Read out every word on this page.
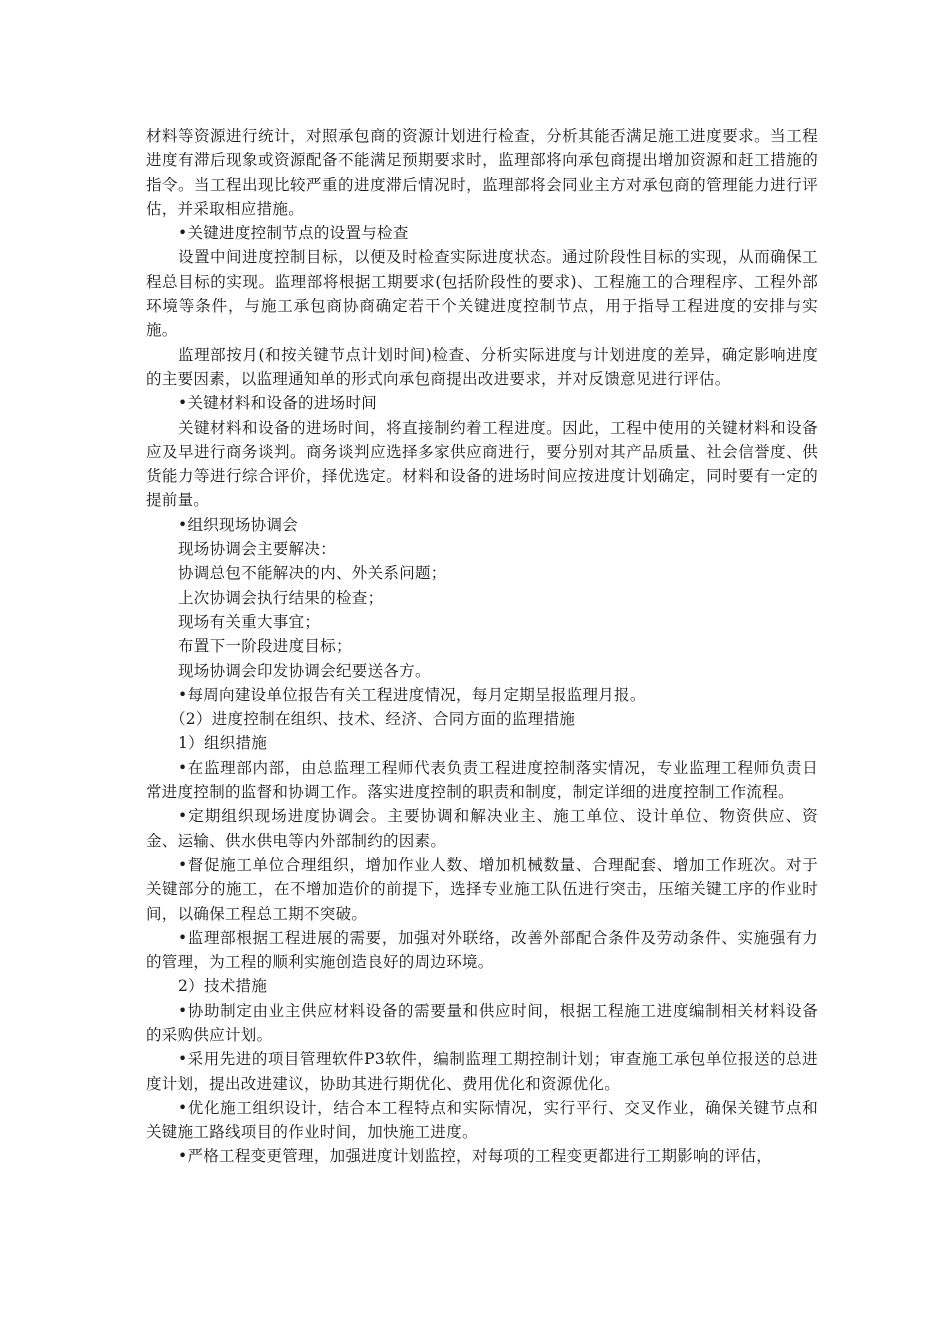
材料等资源进行统计，对照承包商的资源计划进行检查，分析其能否满足施工进度要求。当工程进度有滞后现象或资源配备不能满足预期要求时，监理部将向承包商提出增加资源和赶工措施的指令。当工程出现比较严重的进度滞后情况时，监理部将会同业主方对承包商的管理能力进行评估，并采取相应措施。

•关键进度控制节点的设置与检查

设置中间进度控制目标，以便及时检查实际进度状态。通过阶段性目标的实现，从而确保工程总目标的实现。监理部将根据工期要求(包括阶段性的要求)、工程施工的合理程序、工程外部环境等条件，与施工承包商协商确定若干个关键进度控制节点，用于指导工程进度的安排与实施。

监理部按月(和按关键节点计划时间)检查、分析实际进度与计划进度的差异，确定影响进度的主要因素，以监理通知单的形式向承包商提出改进要求，并对反馈意见进行评估。

•关键材料和设备的进场时间

关键材料和设备的进场时间，将直接制约着工程进度。因此，工程中使用的关键材料和设备应及早进行商务谈判。商务谈判应选择多家供应商进行，要分别对其产品质量、社会信誉度、供货能力等进行综合评价，择优选定。材料和设备的进场时间应按进度计划确定，同时要有一定的提前量。

•组织现场协调会

现场协调会主要解决：

协调总包不能解决的内、外关系问题；

上次协调会执行结果的检查；

现场有关重大事宜；

布置下一阶段进度目标；

现场协调会印发协调会纪要送各方。

•每周向建设单位报告有关工程进度情况，每月定期呈报监理月报。

（2）进度控制在组织、技术、经济、合同方面的监理措施

1）组织措施

•在监理部内部，由总监理工程师代表负责工程进度控制落实情况，专业监理工程师负责日常进度控制的监督和协调工作。落实进度控制的职责和制度，制定详细的进度控制工作流程。

•定期组织现场进度协调会。主要协调和解决业主、施工单位、设计单位、物资供应、资金、运输、供水供电等内外部制约的因素。

•督促施工单位合理组织，增加作业人数、增加机械数量、合理配套、增加工作班次。对于关键部分的施工，在不增加造价的前提下，选择专业施工队伍进行突击，压缩关键工序的作业时间，以确保工程总工期不突破。

•监理部根据工程进展的需要，加强对外联络，改善外部配合条件及劳动条件、实施强有力的管理，为工程的顺利实施创造良好的周边环境。

2）技术措施

•协助制定由业主供应材料设备的需要量和供应时间，根据工程施工进度编制相关材料设备的采购供应计划。

•采用先进的项目管理软件P3软件，编制监理工期控制计划；审查施工承包单位报送的总进度计划，提出改进建议，协助其进行期优化、费用优化和资源优化。

•优化施工组织设计，结合本工程特点和实际情况，实行平行、交叉作业，确保关键节点和关键施工路线项目的作业时间，加快施工进度。

•严格工程变更管理，加强进度计划监控，对每项的工程变更都进行工期影响的评估，
